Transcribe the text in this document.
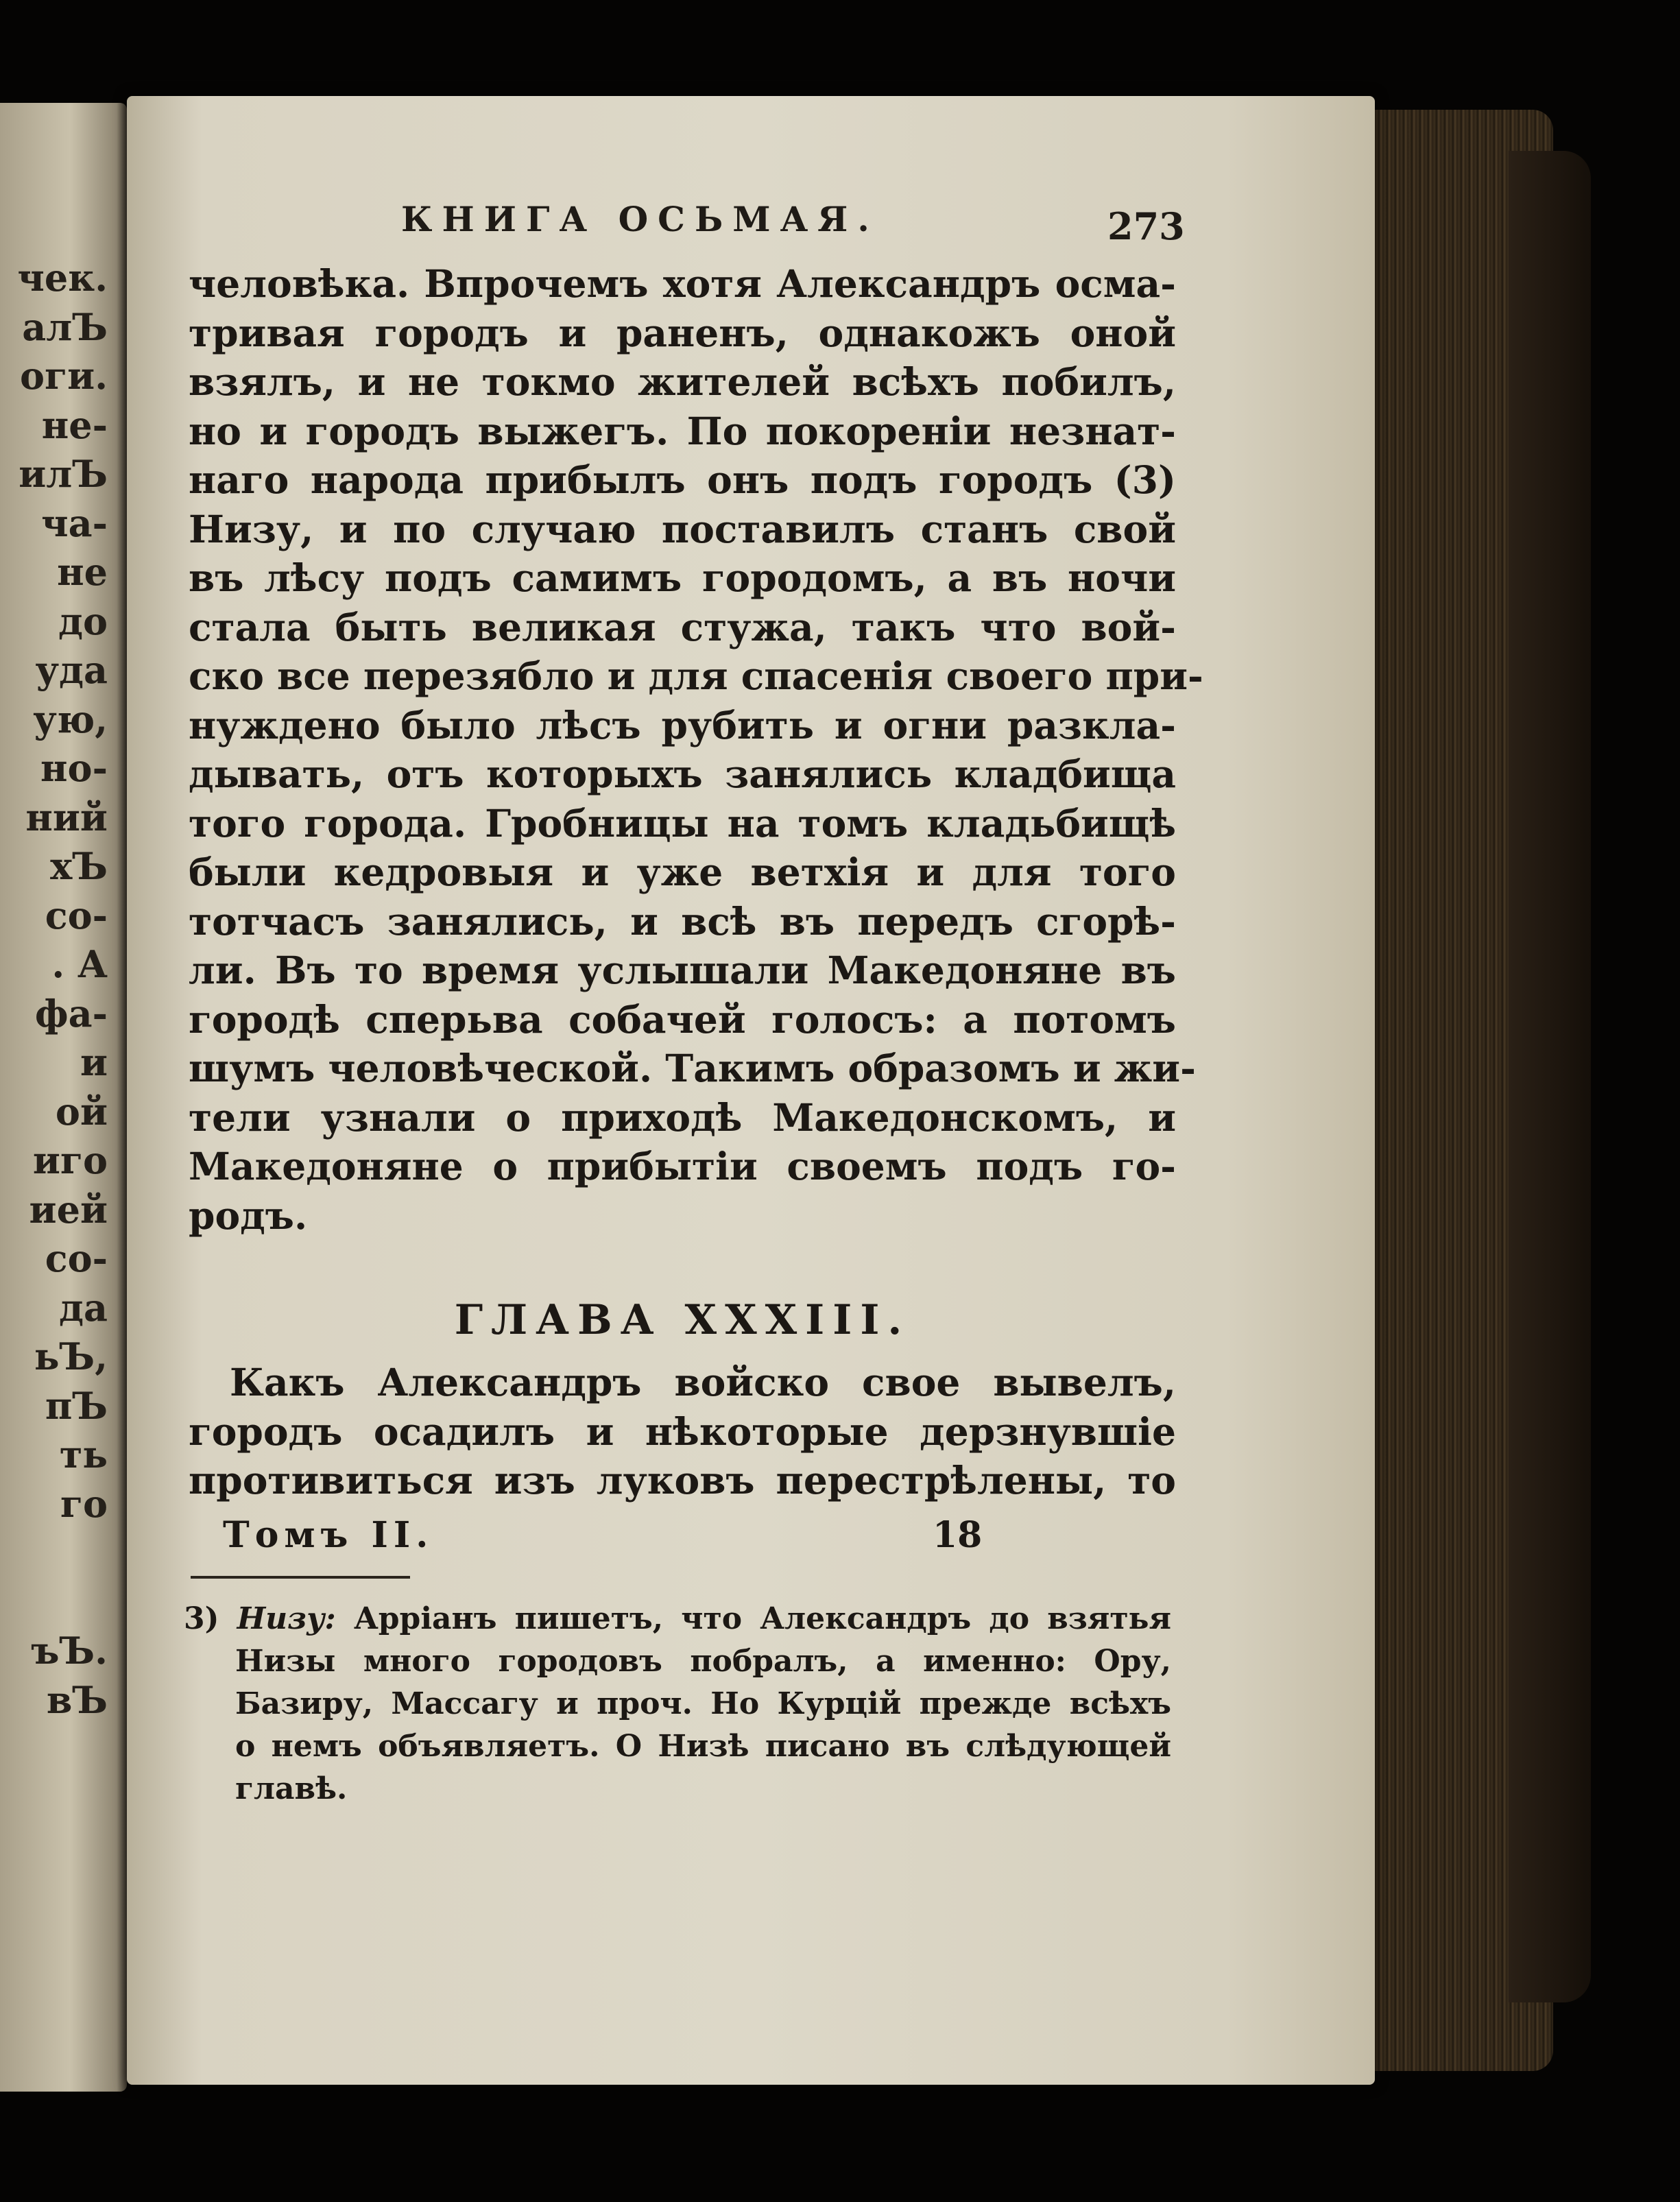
чек.
алЪ
оги.
не-
илЪ
ча-
не
до
уда
ую,
но-
ний
хЪ
со-
. А
фа-
и
ой
иго
ией
со-
да
ьЪ,
пЪ
ть
го
ъЪ.
вЪ
КНИГА ОСЬМАЯ.	273
человѣка. Впрочемъ хотя Александръ осма-
тривая городъ и раненъ, однакожъ оной
взялъ, и не токмо жителей всѣхъ побилъ,
но и городъ выжегъ. По покореніи незнат-
наго народа прибылъ онъ подъ городъ (3)
Низу, и по случаю поставилъ станъ свой
въ лѣсу подъ самимъ городомъ, а въ ночи
стала быть великая стужа, такъ что вой-
ско все перезябло и для спасенія своего при-
нуждено было лѣсъ рубить и огни разкла-
дывать, отъ которыхъ занялись кладбища
того города. Гробницы на томъ кладьбищѣ
были кедровыя и уже ветхія и для того
тотчасъ занялись, и всѣ въ передъ сгорѣ-
ли. Въ то время услышали Македоняне въ
городѣ сперьва собачей голосъ: а потомъ
шумъ человѣческой. Такимъ образомъ и жи-
тели узнали о приходѣ Македонскомъ, и
Македоняне о прибытіи своемъ подъ го-
родъ.
ГЛАВА XXXIII.
Какъ Александръ войско свое вывелъ,
городъ осадилъ и нѣкоторые дерзнувшіе
противиться изъ луковъ перестрѣлены, то
Томъ II.	18
3) Низу: Арріанъ пишетъ, что Александръ до взятья
Низы много городовъ побралъ, а именно: Ору,
Базиру, Массагу и проч. Но Курцій прежде всѣхъ
о немъ объявляетъ. О Низѣ писано въ слѣдующей
главѣ.
